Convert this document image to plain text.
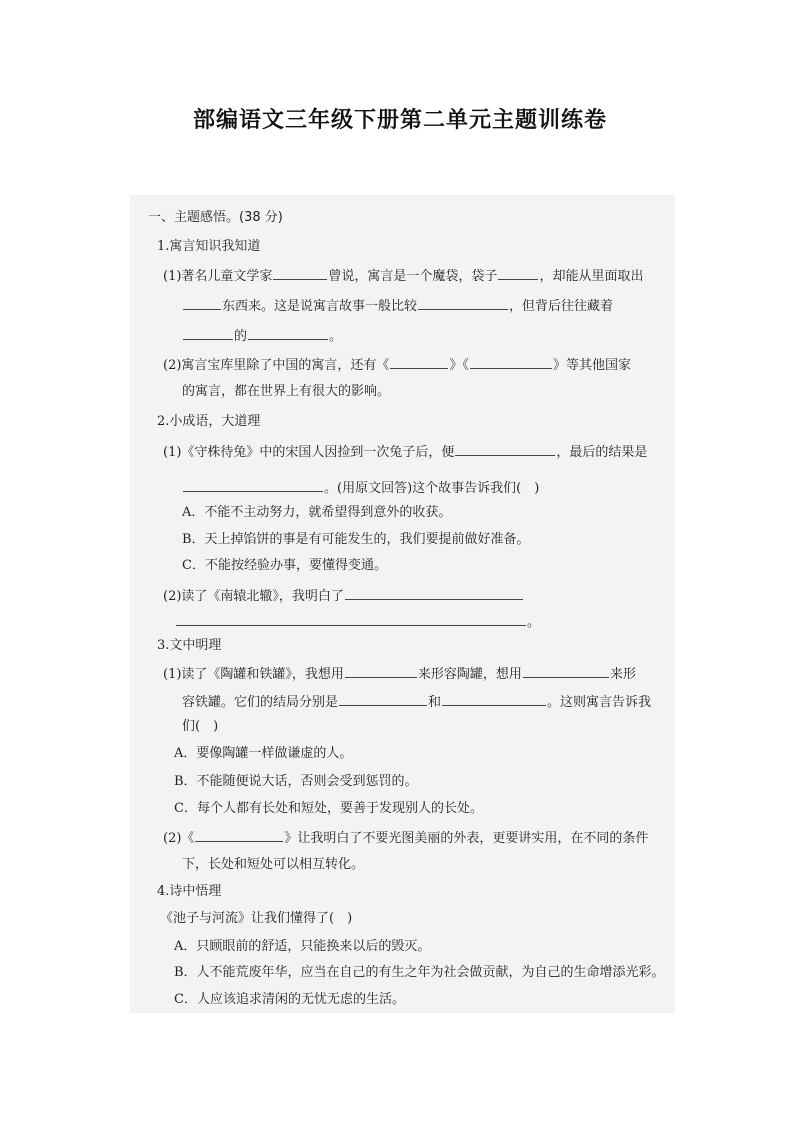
部编语文三年级下册第二单元主题训练卷
一、主题感悟。(38 分)
1.寓言知识我知道
(1)著名儿童文学家	曾说，寓言是一个魔袋，袋子	，却能从里面取出
东西来。这是说寓言故事一般比较	，但背后往往藏着
的	。
(2)寓言宝库里除了中国的寓言，还有《	》《	》等其他国家
的寓言，都在世界上有很大的影响。
2.小成语，大道理
(1)《守株待兔》中的宋国人因捡到一次兔子后，便	，最后的结果是
。(用原文回答)这个故事告诉我们(　)
A．不能不主动努力，就希望得到意外的收获。
B．天上掉馅饼的事是有可能发生的，我们要提前做好准备。
C．不能按经验办事，要懂得变通。
(2)读了《南辕北辙》，我明白了
。
3.文中明理
(1)读了《陶罐和铁罐》，我想用	来形容陶罐，想用	来形
容铁罐。它们的结局分别是	和	。这则寓言告诉我
们(　)
A．要像陶罐一样做谦虚的人。
B．不能随便说大话，否则会受到惩罚的。
C．每个人都有长处和短处，要善于发现别人的长处。
(2)《	》让我明白了不要光图美丽的外表，更要讲实用，在不同的条件
下，长处和短处可以相互转化。
4.诗中悟理
《池子与河流》让我们懂得了(　)
A．只顾眼前的舒适，只能换来以后的毁灭。
B．人不能荒废年华，应当在自己的有生之年为社会做贡献，为自己的生命增添光彩。
C．人应该追求清闲的无忧无虑的生活。
